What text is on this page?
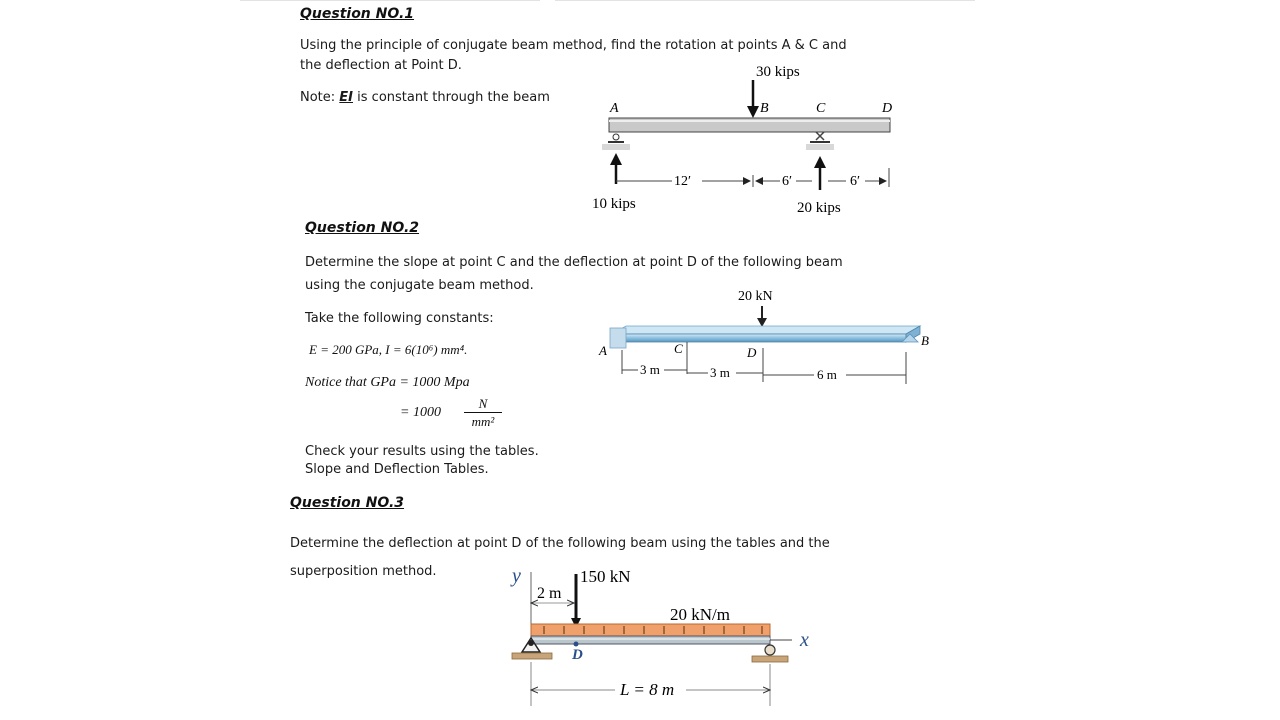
Question NO.1
Using the principle of conjugate beam method, find the rotation at points A & C and
the deflection at Point D.
Note: EI is constant through the beam
30 kips
A	B	C	D
12′	6′	6′
10 kips	20 kips
Question NO.2
Determine the slope at point C and the deflection at point D of the following beam
using the conjugate beam method.
Take the following constants:
E = 200 GPa, I = 6(10⁶) mm⁴.
Notice that GPa = 1000 Mpa
= 1000
N
mm²
Check your results using the tables.
Slope and Deflection Tables.
20 kN
A
B
C	D
3 m	3 m	6 m
Question NO.3
Determine the deflection at point D of the following beam using the tables and the
superposition method.	y
2 m
150 kN
20 kN/m
x
D
L = 8 m
